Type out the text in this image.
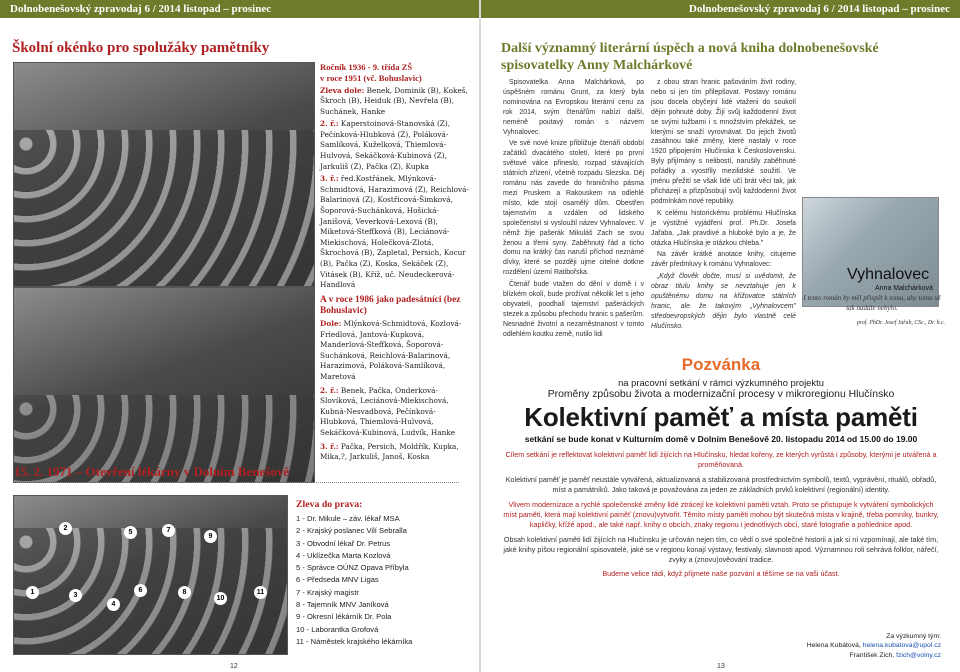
Dolnobenešovský zpravodaj 6 / 2014 listopad – prosinec	Dolnobenešovský zpravodaj 6 / 2014 listopad – prosinec
Školní okénko pro spolužáky pamětníky
Ročník 1936 - 9. třída ZŠ
v roce 1951 (vč. Bohuslavic)
Zleva dole: Benek, Dominik (B), Kokeš, Škroch (B), Heiduk (B), Nevřela (B), Suchánek, Hanke
2. ř.: Kaperstoinová-Stanovská (Z), Pečínková-Hlubková (Z), Poláková-Samlíková, Kuželková, Thiemlová-Hulvová, Sekáčková-Kubinová (Z), Jarkuliš (Z), Pačka (Z), Kupka
3. ř.: řed.Kostřánek, Mlýnková-Schmidtová, Harazimová (Z), Reichlová-Balarinová (Z), Kostřicová-Šimková, Šoporová-Suchánková, Hošická-Janišová, Veverková-Lexová (B), Miketová-Steffková (B), Leciánová-Miekischová, Holečková-Zlotá, Škrochová (B), Zapletal, Persich, Kocur (B), Pačka (Z), Koska, Sekáček (Z), Vitásek (B), Kříž, uč. Neudeckerová-Handlová
A v roce 1986 jako padesátníci (bez Bohuslavic)
Dole: Mlýnková-Schmidtová, Kozlová-Friedlová, Jantová-Kupková, Manderlová-Steffková, Šoporová-Suchánková, Reichlová-Balarinová, Harazimová, Poláková-Samlíková, Maretová
2. ř.: Benek, Pačka, Onderková-Slovíková, Leciánová-Miekischová, Kubná-Nesvadbová, Pečínková-Hlubková, Thiemlová-Hulvová, Sekáčková-Kubinová, Ludvík, Hanke
3. ř.: Pačka, Persich, Moldřík, Kupka, Mika,?, Jarkuliš, Janoš, Koska
15. 2. 1971 – Otevření lékárny v Dolním Benešově
2
5	7
9
1	3
4
6	8
10
11
Zleva do prava:
1 - Dr. Mikule – záv. lékař MSA
2 - Krajský poslanec Vilí Sebralla
3 - Obvodní lékař Dr. Petrus
4 - Uklízečka Marta Kozlová
5 - Správce OÚNZ Opava Příbyla
6 - Předseda MNV Ligas
7 - Krajský magistr
8 - Tajemník MNV Janíková
9 - Okresní lékárník Dr. Pola
10 - Laborantka Grofová
11 - Náměstek krajského lékárníka
12
Další významný literární úspěch a nová kniha dolnobenešovské
spisovatelky Anny Malchárkové

Spisovatelka Anna Malchárková, po úspěšném románu Grunt, za který byla nominována na Evropskou literární cenu za rok 2014, svým čtenářům nabízí další, neméně poutavý román s názvem Vyhnalovec.

Ve své nové knize přibližuje čtenáři období začátků dvacátého století, které po první světové válce přineslo, rozpad stávajících státních zřízení, včetně rozpadu Slezska. Děj románu nás zavede do hraničního pásma mezi Pruskem a Rakouskem na odlehlé místo, kde stojí osamělý dům. Obestřen tajemstvím a vzdálen od lidského společenství si vysloužil název Vyhnalovec. V němž žije pašerák Mikuláš Zach se svou ženou a třemi syny. Zaběhnutý řád a ticho domu na krátký čas naruší příchod neznámé dívky, které se později ujme citelné dotkne rozdělení území Ratibořska.

Čtenář bude vtažen do dění v domě i v blízkém okolí, bude prožívat několik let s jeho obyvateli, poodhalí tajemství pašeráckých stezek a způsobu přechodu hranic s pašerům. Nesnadné životní a nezaměstnanost v tomto odlehlém koutku země, nutilo lidi

z obou stran hranic pašováním živit rodiny, nebo si jen tím přilepšovat. Postavy románu jsou docela obyčejní lidé vtaženi do soukolí dějin pohnuté doby. Žijí svůj každodenní život se svými tužbami i s množstvím překážek, se kterými se snaží vyrovnávat. Do jejich životů zasáhnou také změny, které nastaly v roce 1920 připojením Hlučínska k Československu. Byly přijímány s nelibostí, narušily zaběhnuté pořádky a vyostřily mezilidské soužití. Ve jménu přežití se však lidé učí brát věci tak, jak přicházejí a přizpůsobují svůj každodenní život podmínkám nové republiky.

K celému historickému problému Hlučínska je výstižné vyjádření prof. Ph.Dr. Josefa Jařaba. „Jak pravdivé a hluboké bylo a je, že otázka Hlučínska je otázkou chleba."

Na závěr krátké anotace knihy, citujeme závěr předmluvy k románu Vyhnalovec:

„Když člověk dočte, musí si uvědomit, že obraz titulu knihy se nevztahuje jen k opuštěnému domu na křižovatce státních hranic, ale že takovým „Vyhnalovcem" středoevropských dějin bylo vlastně celé Hlučínsko.

Vyhnalovec
Anna Malchárková
I tento román by měl přispět k tomu, aby tomu už tak nadále nebylo.
prof. PhDr. Josef Jařab, CSc., Dr. h.c.
Pozvánka
na pracovní setkání v rámci výzkumného projektu
Proměny způsobu života a modernizační procesy v mikroregionu Hlučínsko
Kolektivní paměť a místa paměti
setkání se bude konat v Kulturním domě v Dolním Benešově 20. listopadu 2014 od 15.00 do 19.00
Cílem setkání je reflektovat kolektivní paměť lidí žijících na Hlučínsku, hledat kořeny, ze kterých vyrůstá i způsoby, kterými je utvářená a proměňovaná.
Kolektivní paměť je paměť neustále vytvářená, aktualizovaná a stabilizovaná prostřednictvím symbolů, textů, vyprávění, rituálů, obřadů, míst a památníků. Jako taková je považována za jeden ze základních prvků kolektivní (regionální) identity.
Vlivem modernizace a rychlé společenské změny lidé ztrácejí ke kolektivní paměti vztah. Proto se přistupuje k vytváření symbolických míst paměti, která mají kolektivní paměť (znovu)vytvořit. Těmito místy paměti mohou být skutečná místa v krajině, třeba pomníky, bunkry, kapličky, křížé apod., ale také např. knihy o obcích, znaky regionu i jednotlivých obcí, staré fotografie a pohlednice apod.
Obsah kolektivní paměti lidí žijících na Hlučínsku je určován nejen tím, co vědí o své společné historii a jak si ní vzpomínají, ale také tím, jaké knihy píšou regionální spisovatelé, jaké se v regionu konají výstavy, festivaly, slavnosti apod. Významnou roli sehrává folklor, nářečí, zvyky a (znovu)ověování tradice.
Budeme velice rádi, když přijmete naše pozvání a těšíme se na vaši účast.
Za výzkumný tým:
Helena Kubátová, helena.kubatova@upol.cz
František Zich, fzich@volny.cz
13
